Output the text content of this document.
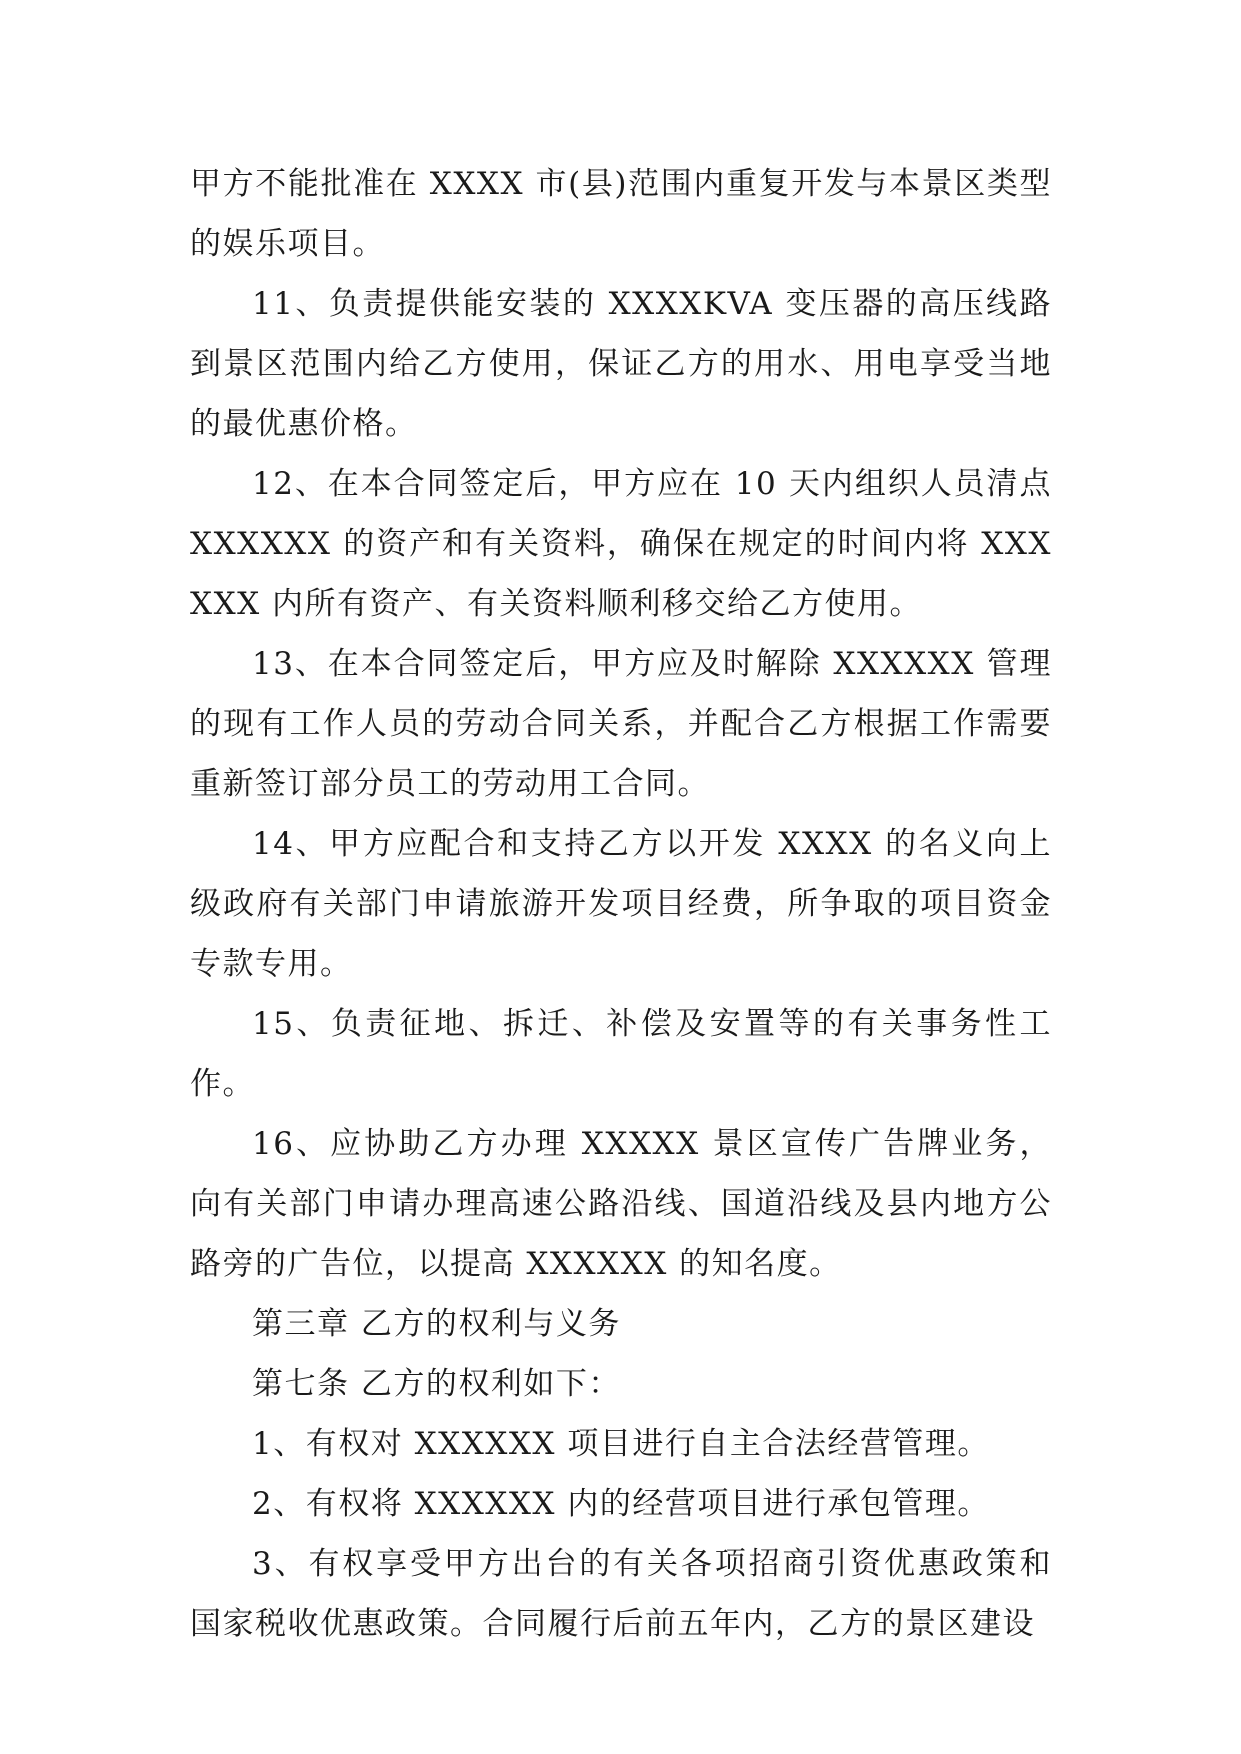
甲方不能批准在 XXXX 市(县)范围内重复开发与本景区类型的娱乐项目。

11、负责提供能安装的 XXXXKVA 变压器的高压线路到景区范围内给乙方使用，保证乙方的用水、用电享受当地的最优惠价格。

12、在本合同签定后，甲方应在 10 天内组织人员清点 XXXXXX 的资产和有关资料，确保在规定的时间内将 XXXXXX 内所有资产、有关资料顺利移交给乙方使用。

13、在本合同签定后，甲方应及时解除 XXXXXX 管理的现有工作人员的劳动合同关系，并配合乙方根据工作需要重新签订部分员工的劳动用工合同。

14、甲方应配合和支持乙方以开发 XXXX 的名义向上级政府有关部门申请旅游开发项目经费，所争取的项目资金专款专用。

15、负责征地、拆迁、补偿及安置等的有关事务性工作。

16、应协助乙方办理 XXXXX 景区宣传广告牌业务，向有关部门申请办理高速公路沿线、国道沿线及县内地方公路旁的广告位，以提高 XXXXXX 的知名度。

第三章 乙方的权利与义务

第七条 乙方的权利如下：

1、有权对 XXXXXX 项目进行自主合法经营管理。

2、有权将 XXXXXX 内的经营项目进行承包管理。

3、有权享受甲方出台的有关各项招商引资优惠政策和国家税收优惠政策。合同履行后前五年内，乙方的景区建设
